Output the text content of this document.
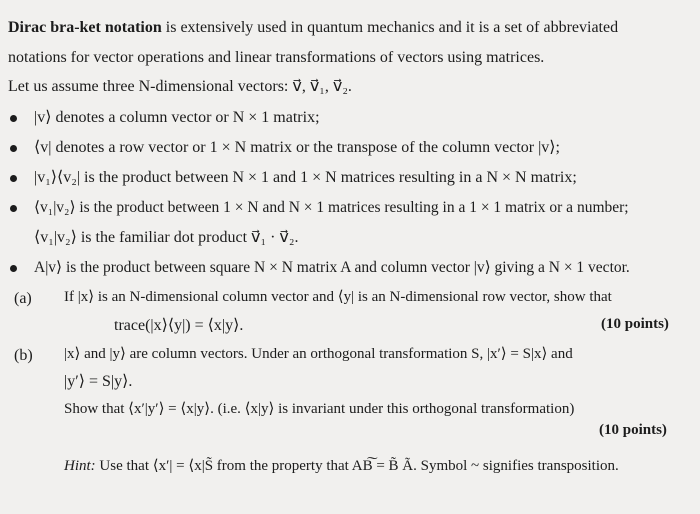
Dirac bra-ket notation is extensively used in quantum mechanics and it is a set of abbreviated
notations for vector operations and linear transformations of vectors using matrices.
Let us assume three N-dimensional vectors: v⃗, v⃗₁, v⃗₂.
|v⟩ denotes a column vector or N × 1 matrix;
⟨v| denotes a row vector or 1 × N matrix or the transpose of the column vector |v⟩;
|v₁⟩⟨v₂| is the product between N × 1 and 1 × N matrices resulting in a N × N matrix;
⟨v₁|v₂⟩ is the product between 1 × N and N × 1 matrices resulting in a 1 × 1 matrix or a number;
⟨v₁|v₂⟩ is the familiar dot product v⃗₁ · v⃗₂.
A|v⟩ is the product between square N × N matrix A and column vector |v⟩ giving a N × 1 vector.
(a) If |x⟩ is an N-dimensional column vector and ⟨y| is an N-dimensional row vector, show that
trace(|x⟩⟨y|) = ⟨x|y⟩.	(10 points)
(b) |x⟩ and |y⟩ are column vectors. Under an orthogonal transformation S, |x′⟩ = S|x⟩ and
|y′⟩ = S|y⟩.
Show that ⟨x′|y′⟩ = ⟨x|y⟩. (i.e. ⟨x|y⟩ is invariant under this orthogonal transformation)
(10 points)
Hint: Use that ⟨x′| = ⟨x|S̃ from the property that AB͠ = B̃ Ã. Symbol ~ signifies transposition.
